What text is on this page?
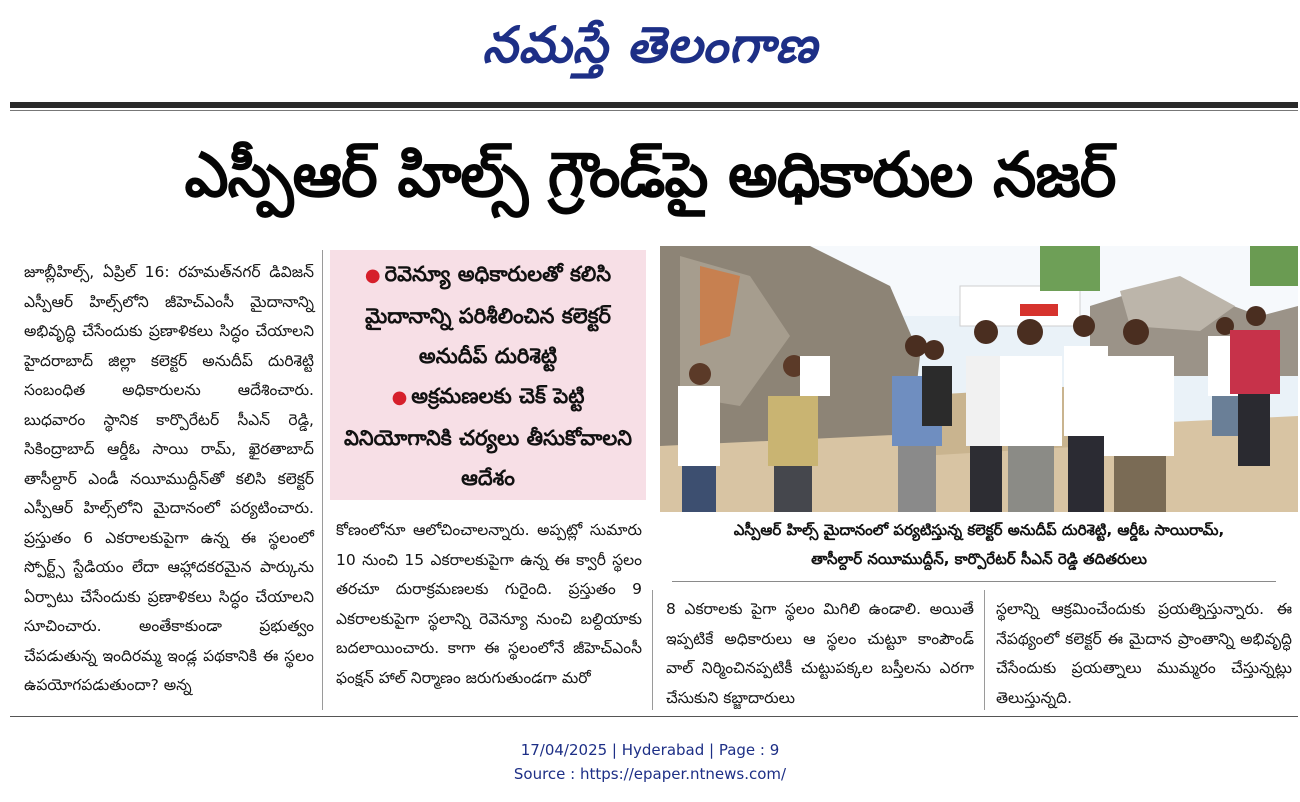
నమస్తే తెలంగాణ
ఎస్పీఆర్ హిల్స్ గ్రౌండ్‌పై అధికారుల నజర్

జూబ్లీహిల్స్, ఏప్రిల్ 16: రహమత్‌నగర్ డివిజన్ ఎస్పీఆర్ హిల్స్‌లోని జీహెచ్‌ఎంసీ మైదానాన్ని అభివృద్ధి చేసేందుకు ప్రణాళికలు సిద్ధం చేయాలని హైదరాబాద్ జిల్లా కలెక్టర్ అనుదీప్ దురిశెట్టి సంబంధిత అధికారులను ఆదేశించారు. బుధవారం స్థానిక కార్పొరేటర్ సీఎన్ రెడ్డి, సికింద్రాబాద్ ఆర్డీఓ సాయి రామ్, ఖైరతాబాద్ తాసీల్దార్ ఎండీ నయీముద్దీన్‌తో కలిసి కలెక్టర్ ఎస్పీఆర్ హిల్స్‌లోని మైదానంలో పర్యటించారు. ప్రస్తుతం 6 ఎకరాలకుపైగా ఉన్న ఈ స్థలంలో స్పోర్ట్స్ స్టేడియం లేదా ఆహ్లాదకరమైన పార్కును ఏర్పాటు చేసేందుకు ప్రణాళికలు సిద్ధం చేయాలని సూచించారు. అంతేకాకుండా ప్రభుత్వం చేపడుతున్న ఇందిరమ్మ ఇండ్ల పథకానికి ఈ స్థలం ఉపయోగపడుతుందా? అన్న

● రెవెన్యూ అధికారులతో కలిసి మైదానాన్ని పరిశీలించిన కలెక్టర్ అనుదీప్ దురిశెట్టి
● అక్రమణలకు చెక్ పెట్టి వినియోగానికి చర్యలు తీసుకోవాలని ఆదేశం

కోణంలోనూ ఆలోచించాలన్నారు. అప్పట్లో సుమారు 10 నుంచి 15 ఎకరాలకుపైగా ఉన్న ఈ క్వారీ స్థలం తరచూ దురాక్రమణలకు గురైంది. ప్రస్తుతం 9 ఎకరాలకుపైగా స్థలాన్ని రెవెన్యూ నుంచి బల్దియాకు బదలాయించారు. కాగా ఈ స్థలంలోనే జీహెచ్‌ఎంసీ ఫంక్షన్ హాల్ నిర్మాణం జరుగుతుండగా మరో

ఎస్పీఆర్ హిల్స్ మైదానంలో పర్యటిస్తున్న కలెక్టర్ అనుదీప్ దురిశెట్టి, ఆర్డీఓ సాయిరామ్,
తాసీల్దార్ నయీముద్దీన్, కార్పొరేటర్ సీఎన్ రెడ్డి తదితరులు

8 ఎకరాలకు పైగా స్థలం మిగిలి ఉండాలి. అయితే ఇప్పటికే అధికారులు ఆ స్థలం చుట్టూ కాంపౌండ్ వాల్ నిర్మించినప్పటికీ చుట్టుపక్కల బస్తీలను ఎరగా చేసుకుని కబ్జాదారులు

స్థలాన్ని ఆక్రమించేందుకు ప్రయత్నిస్తున్నారు. ఈ నేపథ్యంలో కలెక్టర్ ఈ మైదాన ప్రాంతాన్ని అభివృద్ధి చేసేందుకు ప్రయత్నాలు ముమ్మరం చేస్తున్నట్లు తెలుస్తున్నది.

17/04/2025 | Hyderabad | Page : 9
Source : https://epaper.ntnews.com/
